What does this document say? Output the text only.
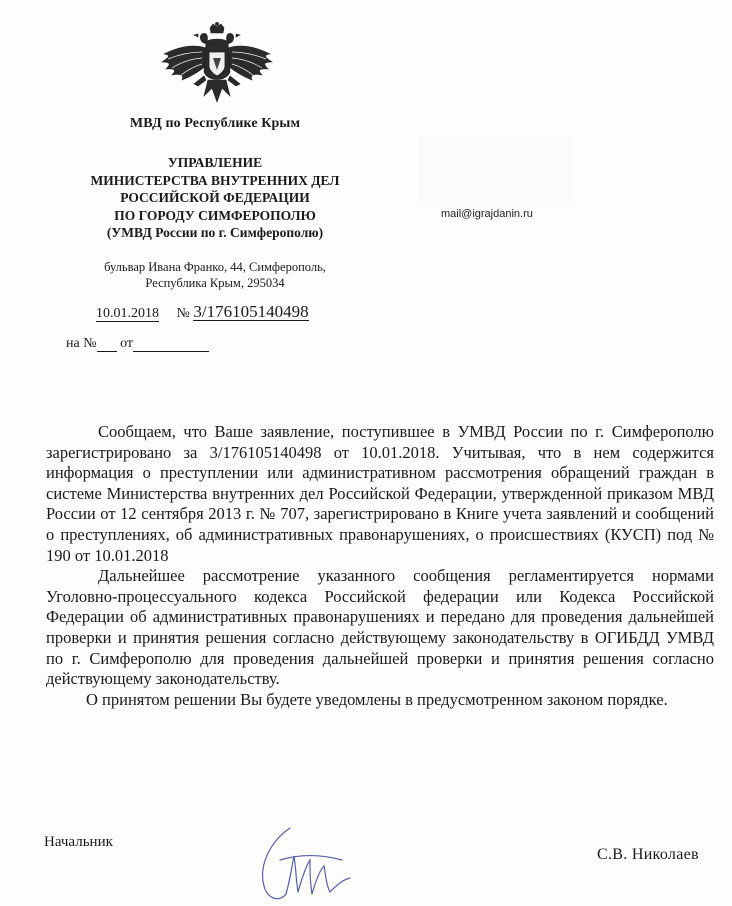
МВД по Республике Крым
УПРАВЛЕНИЕ
МИНИСТЕРСТВА ВНУТРЕННИХ ДЕЛ
РОССИЙСКОЙ ФЕДЕРАЦИИ
ПО ГОРОДУ СИМФЕРОПОЛЮ
(УМВД России по г. Симферополю)
бульвар Ивана Франко, 44, Симферополь,
Республика Крым, 295034
10.01.2018 № 3/176105140498
на № от
mail@igrajdanin.ru

Сообщаем, что Ваше заявление, поступившее в УМВД России по г. Симферополю зарегистрировано за 3/176105140498 от 10.01.2018. Учитывая, что в нем содержится информация о преступлении или административном рассмотрения обращений граждан в системе Министерства внутренних дел Российской Федерации, утвержденной приказом МВД России от 12 сентября 2013 г. № 707, зарегистрировано в Книге учета заявлений и сообщений о преступлениях, об административных правонарушениях, о происшествиях (КУСП) под № 190 от 10.01.2018

Дальнейшее рассмотрение указанного сообщения регламентируется нормами Уголовно-процессуального кодекса Российской федерации или Кодекса Российской Федерации об административных правонарушениях и передано для проведения дальнейшей проверки и принятия решения согласно действующему законодательству в ОГИБДД УМВД по г. Симферополю для проведения дальнейшей проверки и принятия решения согласно действующему законодательству.

О принятом решении Вы будете уведомлены в предусмотренном законом порядке.

Начальник
С.В. Николаев
